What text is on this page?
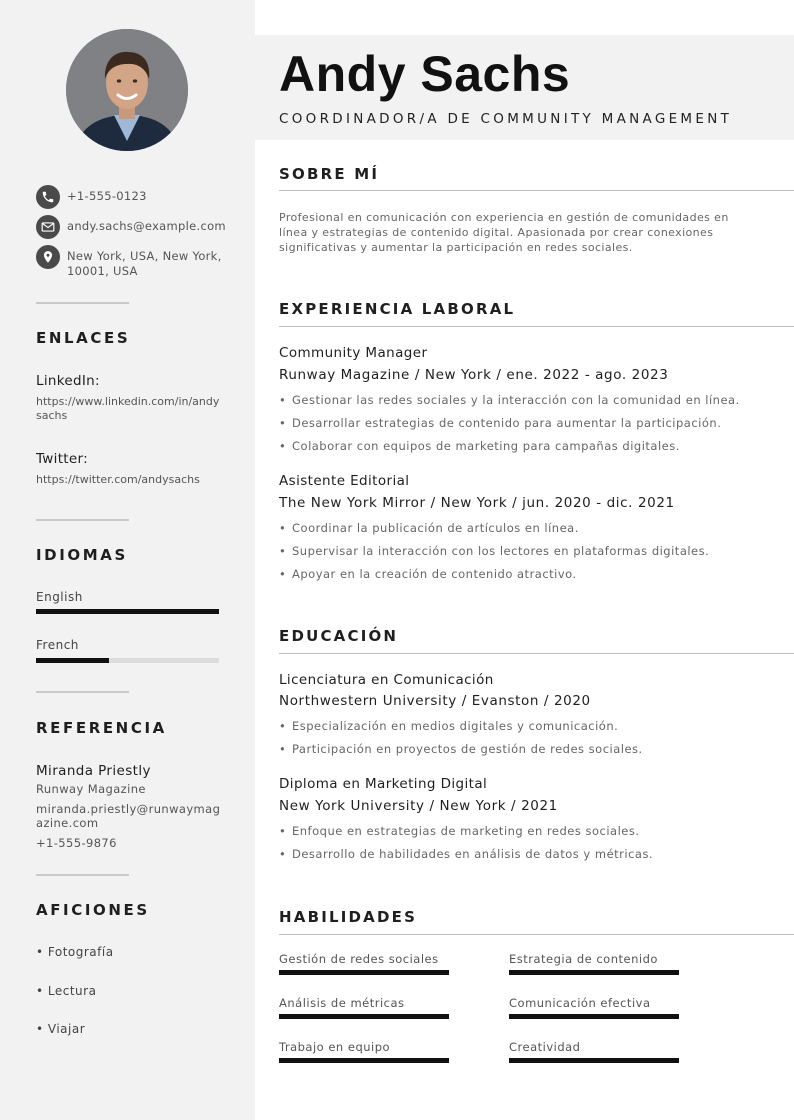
+1-555-0123
andy.sachs@example.com
New York, USA, New York, 10001, USA
ENLACES
LinkedIn:
https://www.linkedin.com/in/andysachs
Twitter:
https://twitter.com/andysachs
IDIOMAS
English
French
REFERENCIA
Miranda Priestly
Runway Magazine
miranda.priestly@runwaymagazine.com
+1-555-9876
AFICIONES
• Fotografía
• Lectura
• Viajar
Andy Sachs
COORDINADOR/A DE COMMUNITY MANAGEMENT
SOBRE MÍ
Profesional en comunicación con experiencia en gestión de comunidades en línea y estrategias de contenido digital. Apasionada por crear conexiones significativas y aumentar la participación en redes sociales.
EXPERIENCIA LABORAL
Community Manager
Runway Magazine / New York / ene. 2022 - ago. 2023
• Gestionar las redes sociales y la interacción con la comunidad en línea.
• Desarrollar estrategias de contenido para aumentar la participación.
• Colaborar con equipos de marketing para campañas digitales.
Asistente Editorial
The New York Mirror / New York / jun. 2020 - dic. 2021
• Coordinar la publicación de artículos en línea.
• Supervisar la interacción con los lectores en plataformas digitales.
• Apoyar en la creación de contenido atractivo.
EDUCACIÓN
Licenciatura en Comunicación
Northwestern University / Evanston / 2020
• Especialización en medios digitales y comunicación.
• Participación en proyectos de gestión de redes sociales.
Diploma en Marketing Digital
New York University / New York / 2021
• Enfoque en estrategias de marketing en redes sociales.
• Desarrollo de habilidades en análisis de datos y métricas.
HABILIDADES
Gestión de redes sociales	Estrategia de contenido
Análisis de métricas	Comunicación efectiva
Trabajo en equipo	Creatividad
